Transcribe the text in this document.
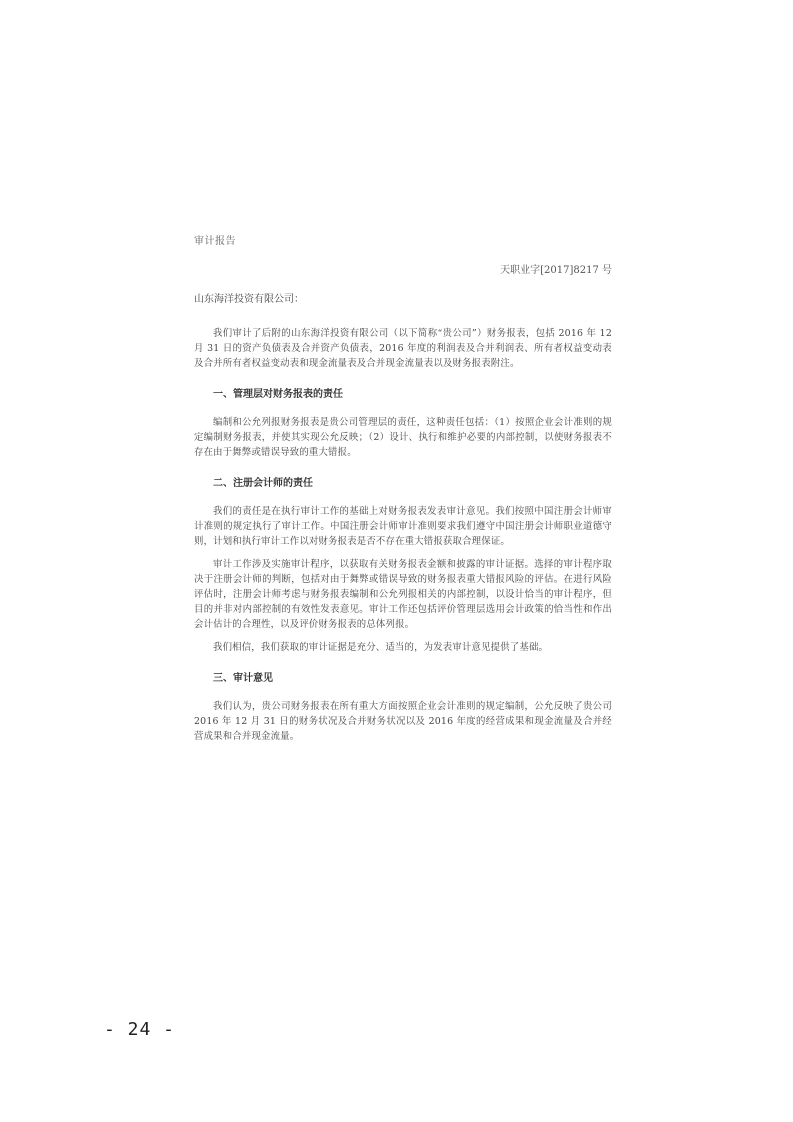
审计报告

天职业字[2017]8217 号

山东海洋投资有限公司：

我们审计了后附的山东海洋投资有限公司（以下简称“贵公司”）财务报表，包括 2016 年 12 月 31 日的资产负债表及合并资产负债表，2016 年度的利润表及合并利润表、所有者权益变动表及合并所有者权益变动表和现金流量表及合并现金流量表以及财务报表附注。

一、管理层对财务报表的责任

编制和公允列报财务报表是贵公司管理层的责任，这种责任包括：（1）按照企业会计准则的规定编制财务报表，并使其实现公允反映；（2）设计、执行和维护必要的内部控制，以使财务报表不存在由于舞弊或错误导致的重大错报。

二、注册会计师的责任

我们的责任是在执行审计工作的基础上对财务报表发表审计意见。我们按照中国注册会计师审计准则的规定执行了审计工作。中国注册会计师审计准则要求我们遵守中国注册会计师职业道德守则，计划和执行审计工作以对财务报表是否不存在重大错报获取合理保证。

审计工作涉及实施审计程序，以获取有关财务报表金额和披露的审计证据。选择的审计程序取决于注册会计师的判断，包括对由于舞弊或错误导致的财务报表重大错报风险的评估。在进行风险评估时，注册会计师考虑与财务报表编制和公允列报相关的内部控制，以设计恰当的审计程序，但目的并非对内部控制的有效性发表意见。审计工作还包括评价管理层选用会计政策的恰当性和作出会计估计的合理性，以及评价财务报表的总体列报。

我们相信，我们获取的审计证据是充分、适当的，为发表审计意见提供了基础。

三、审计意见

我们认为，贵公司财务报表在所有重大方面按照企业会计准则的规定编制，公允反映了贵公司 2016 年 12 月 31 日的财务状况及合并财务状况以及 2016 年度的经营成果和现金流量及合并经营成果和合并现金流量。

- 24 -
